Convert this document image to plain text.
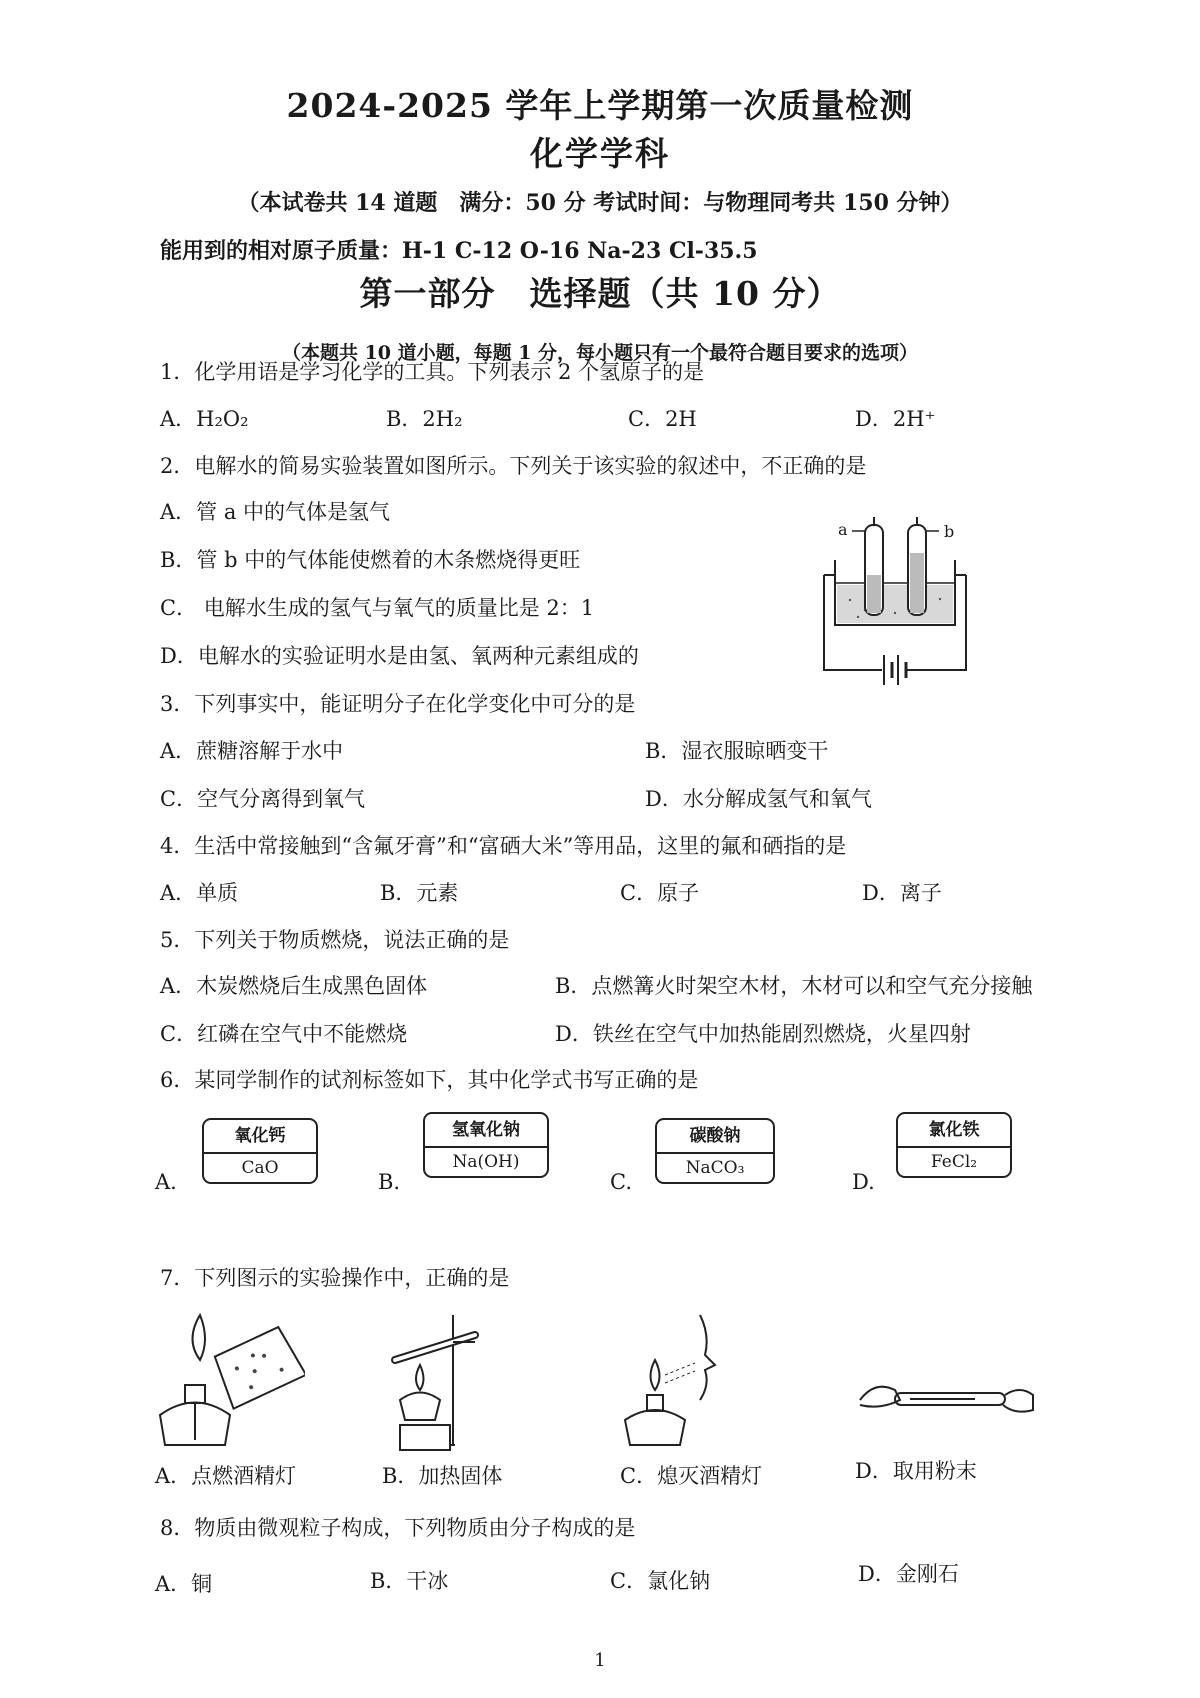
2024-2025 学年上学期第一次质量检测
化学学科
（本试卷共 14 道题　满分：50 分 考试时间：与物理同考共 150 分钟）
能用到的相对原子质量：H-1 C-12 O-16 Na-23 Cl-35.5
第一部分　选择题（共 10 分）
（本题共 10 道小题，每题 1 分，每小题只有一个最符合题目要求的选项）
1．化学用语是学习化学的工具。下列表示 2 个氢原子的是
A．H₂O₂	B．2H₂	C．2H	D．2H⁺
2．电解水的简易实验装置如图所示。下列关于该实验的叙述中，不正确的是
A．管 a 中的气体是氢气
B．管 b 中的气体能使燃着的木条燃烧得更旺
C． 电解水生成的氢气与氧气的质量比是 2：1
D．电解水的实验证明水是由氢、氧两种元素组成的
a	b
3．下列事实中，能证明分子在化学变化中可分的是
A．蔗糖溶解于水中	B．湿衣服晾晒变干
C．空气分离得到氧气	D．水分解成氢气和氧气
4．生活中常接触到“含氟牙膏”和“富硒大米”等用品，这里的氟和硒指的是
A．单质	B．元素	C．原子	D．离子
5．下列关于物质燃烧，说法正确的是
A．木炭燃烧后生成黑色固体	B．点燃篝火时架空木材，木材可以和空气充分接触
C．红磷在空气中不能燃烧	D．铁丝在空气中加热能剧烈燃烧，火星四射
6．某同学制作的试剂标签如下，其中化学式书写正确的是
A.	B.	C.	D.
氧化钙
CaO
氢氧化钠
Na(OH)
碳酸钠
NaCO₃
氯化铁
FeCl₂
7．下列图示的实验操作中，正确的是
A．点燃酒精灯	B．加热固体	C．熄灭酒精灯	D．取用粉末
8．物质由微观粒子构成，下列物质由分子构成的是
A．铜	B．干冰	C．氯化钠	D．金刚石
1
